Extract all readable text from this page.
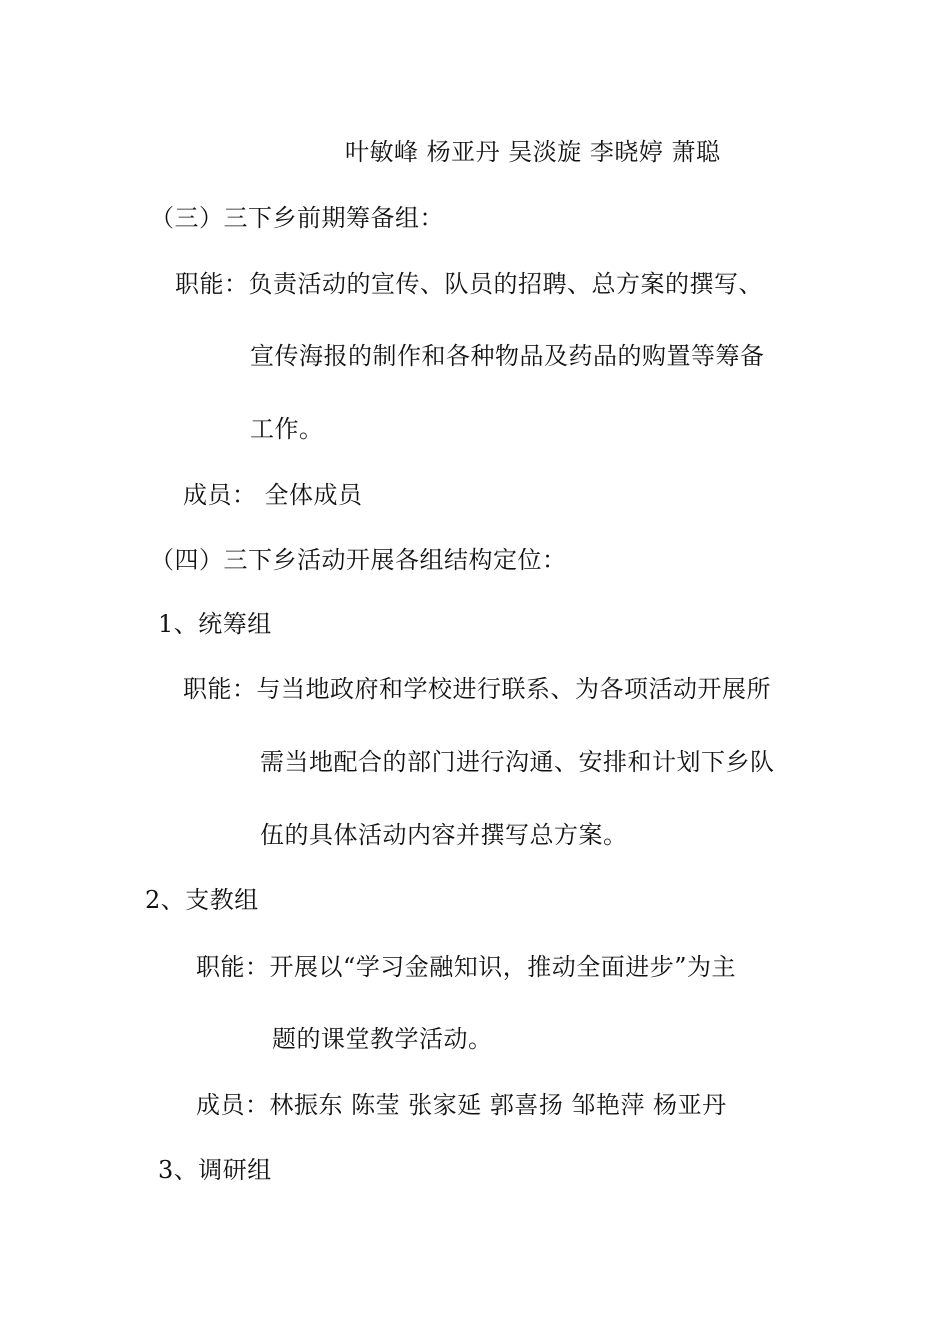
叶敏峰 杨亚丹 吴淡旋 李晓婷 萧聪
（三）三下乡前期筹备组：
职能：负责活动的宣传、队员的招聘、总方案的撰写、
宣传海报的制作和各种物品及药品的购置等筹备
工作。
成员： 全体成员
（四）三下乡活动开展各组结构定位：
1、统筹组
职能：与当地政府和学校进行联系、为各项活动开展所
需当地配合的部门进行沟通、安排和计划下乡队
伍的具体活动内容并撰写总方案。
2、支教组
职能：开展以“学习金融知识，推动全面进步”为主
题的课堂教学活动。
成员：林振东 陈莹 张家延 郭喜扬 邹艳萍 杨亚丹
3、调研组
